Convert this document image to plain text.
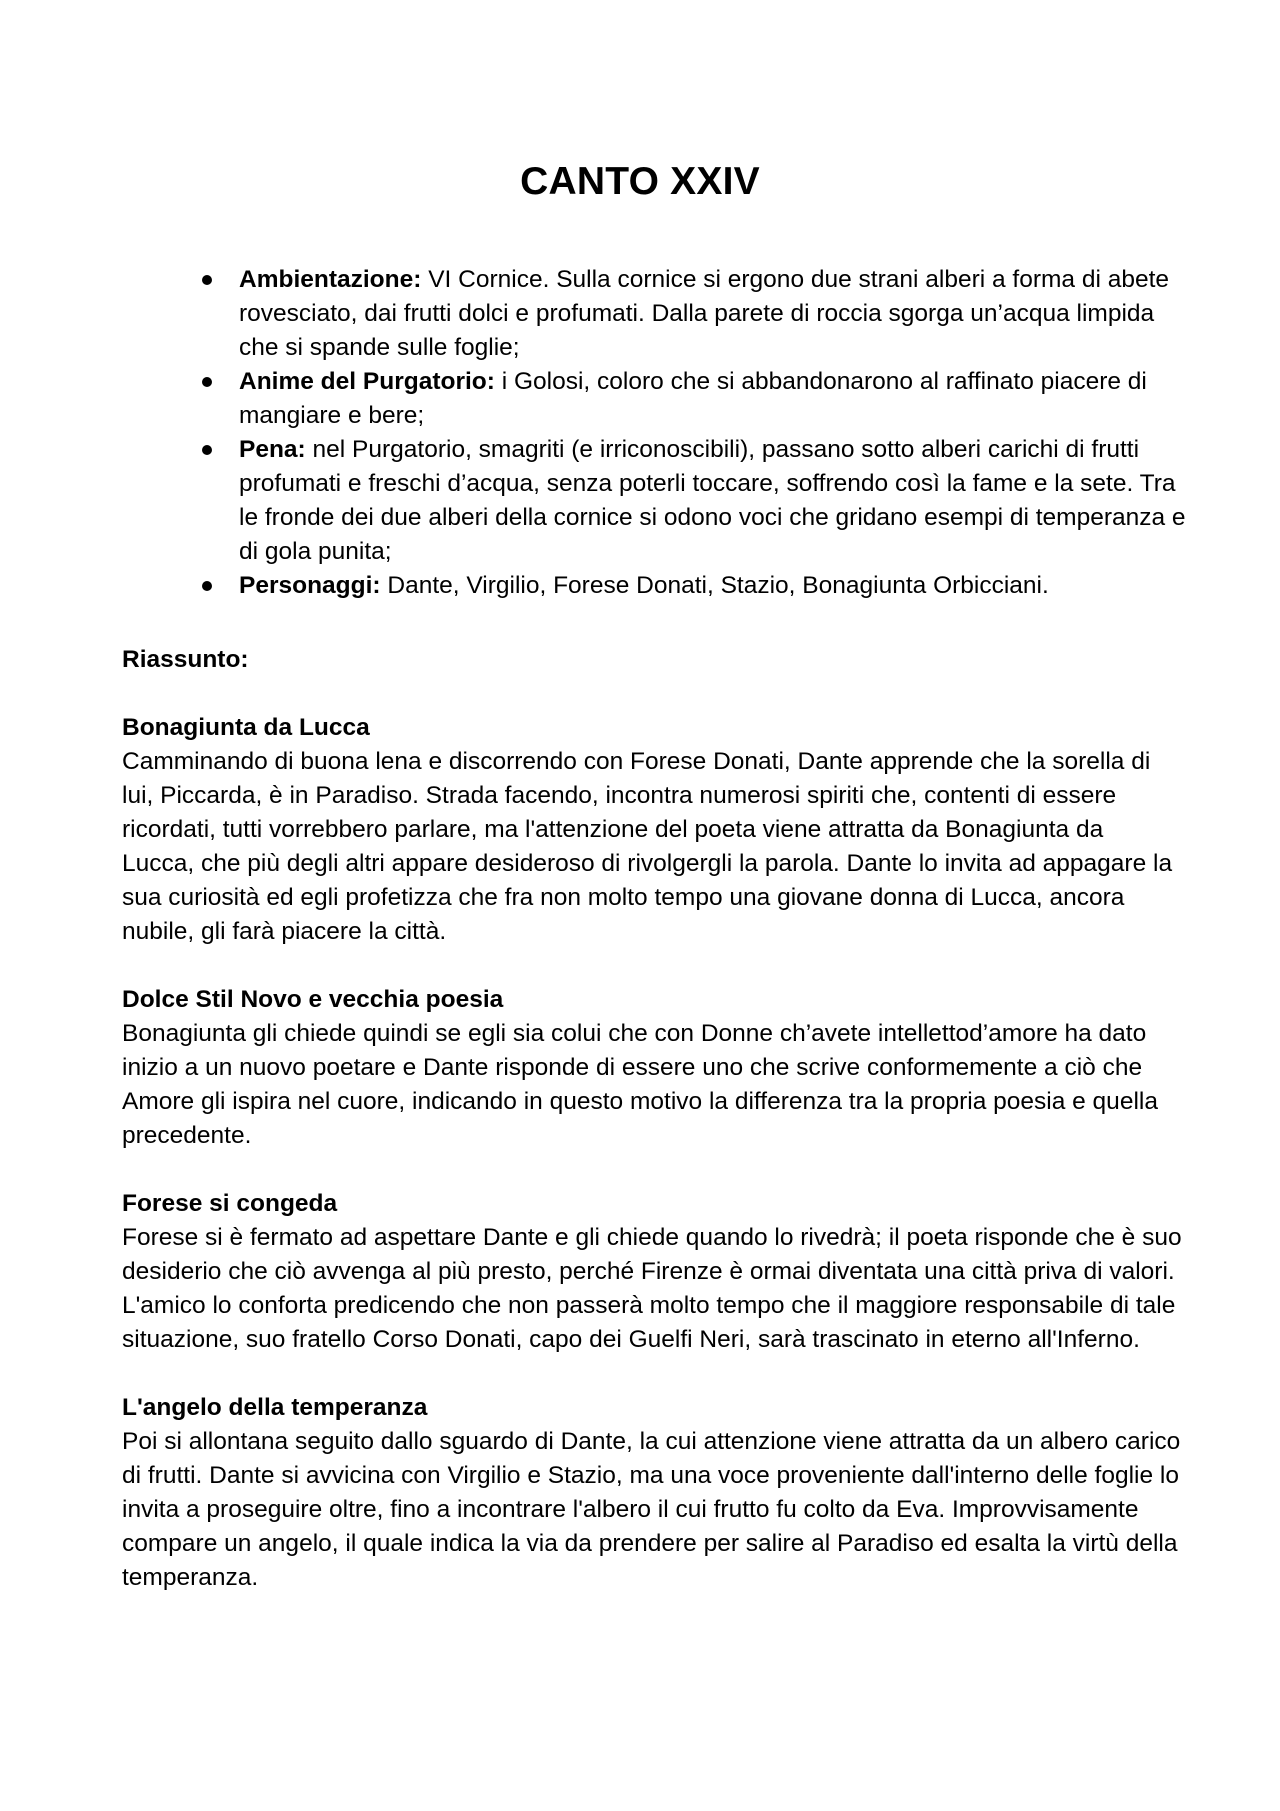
CANTO XXIV
Ambientazione: VI Cornice. Sulla cornice si ergono due strani alberi a forma di abete rovesciato, dai frutti dolci e profumati. Dalla parete di roccia sgorga un’acqua limpida che si spande sulle foglie;
Anime del Purgatorio: i Golosi, coloro che si abbandonarono al raffinato piacere di mangiare e bere;
Pena: nel Purgatorio, smagriti (e irriconoscibili), passano sotto alberi carichi di frutti profumati e freschi d’acqua, senza poterli toccare, soffrendo così la fame e la sete. Tra le fronde dei due alberi della cornice si odono voci che gridano esempi di temperanza e di gola punita;
Personaggi: Dante, Virgilio, Forese Donati, Stazio, Bonagiunta Orbicciani.
Riassunto:
Bonagiunta da Lucca
Camminando di buona lena e discorrendo con Forese Donati, Dante apprende che la sorella di lui, Piccarda, è in Paradiso. Strada facendo, incontra numerosi spiriti che, contenti di essere ricordati, tutti vorrebbero parlare, ma l'attenzione del poeta viene attratta da Bonagiunta da Lucca, che più degli altri appare desideroso di rivolgergli la parola. Dante lo invita ad appagare la sua curiosità ed egli profetizza che fra non molto tempo una giovane donna di Lucca, ancora nubile, gli farà piacere la città.
Dolce Stil Novo e vecchia poesia
Bonagiunta gli chiede quindi se egli sia colui che con Donne ch’avete intellettod’amore ha dato inizio a un nuovo poetare e Dante risponde di essere uno che scrive conformemente a ciò che Amore gli ispira nel cuore, indicando in questo motivo la differenza tra la propria poesia e quella precedente.
Forese si congeda
Forese si è fermato ad aspettare Dante e gli chiede quando lo rivedrà; il poeta risponde che è suo desiderio che ciò avvenga al più presto, perché Firenze è ormai diventata una città priva di valori. L'amico lo conforta predicendo che non passerà molto tempo che il maggiore responsabile di tale situazione, suo fratello Corso Donati, capo dei Guelfi Neri, sarà trascinato in eterno all'Inferno.
L'angelo della temperanza
Poi si allontana seguito dallo sguardo di Dante, la cui attenzione viene attratta da un albero carico di frutti. Dante si avvicina con Virgilio e Stazio, ma una voce proveniente dall'interno delle foglie lo invita a proseguire oltre, fino a incontrare l'albero il cui frutto fu colto da Eva. Improvvisamente compare un angelo, il quale indica la via da prendere per salire al Paradiso ed esalta la virtù della temperanza.
